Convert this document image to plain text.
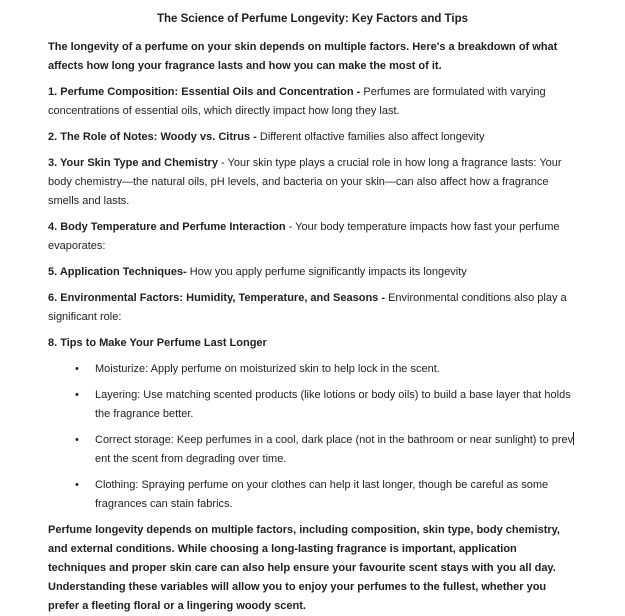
The Science of Perfume Longevity: Key Factors and Tips

The longevity of a perfume on your skin depends on multiple factors. Here's a breakdown of what affects how long your fragrance lasts and how you can make the most of it.

1. Perfume Composition: Essential Oils and Concentration - Perfumes are formulated with varying concentrations of essential oils, which directly impact how long they last.

2. The Role of Notes: Woody vs. Citrus - Different olfactive families also affect longevity

3. Your Skin Type and Chemistry - Your skin type plays a crucial role in how long a fragrance lasts: Your body chemistry—the natural oils, pH levels, and bacteria on your skin—can also affect how a fragrance smells and lasts.

4. Body Temperature and Perfume Interaction - Your body temperature impacts how fast your perfume evaporates:

5. Application Techniques- How you apply perfume significantly impacts its longevity

6. Environmental Factors: Humidity, Temperature, and Seasons - Environmental conditions also play a significant role:

8. Tips to Make Your Perfume Last Longer

• Moisturize: Apply perfume on moisturized skin to help lock in the scent.
• Layering: Use matching scented products (like lotions or body oils) to build a base layer that holds the fragrance better.
• Correct storage: Keep perfumes in a cool, dark place (not in the bathroom or near sunlight) to prevent the scent from degrading over time.
• Clothing: Spraying perfume on your clothes can help it last longer, though be careful as some fragrances can stain fabrics.

Perfume longevity depends on multiple factors, including composition, skin type, body chemistry, and external conditions. While choosing a long-lasting fragrance is important, application techniques and proper skin care can also help ensure your favourite scent stays with you all day. Understanding these variables will allow you to enjoy your perfumes to the fullest, whether you prefer a fleeting floral or a lingering woody scent.
